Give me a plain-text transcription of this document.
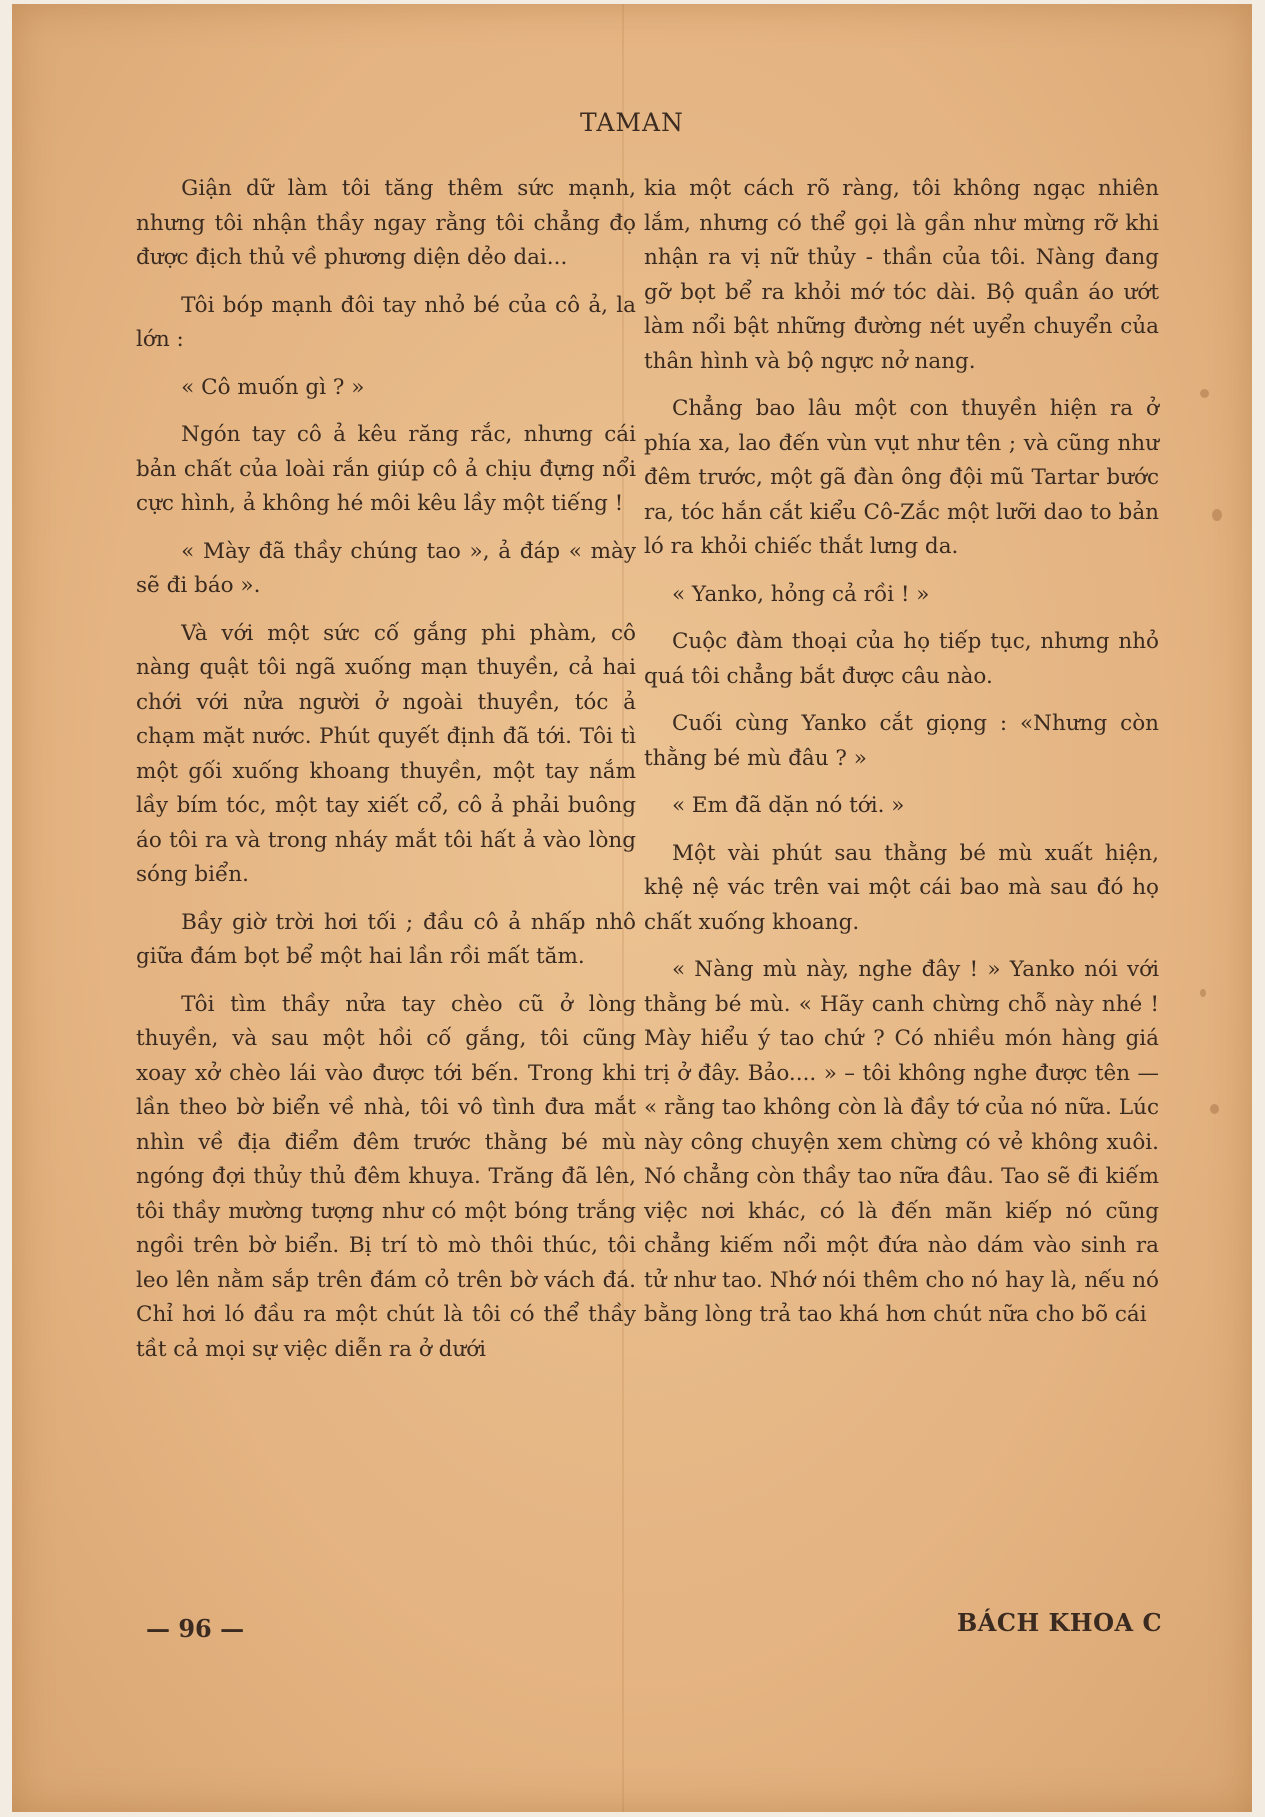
TAMAN

Giận dữ làm tôi tăng thêm sức mạnh, nhưng tôi nhận thầy ngay rằng tôi chẳng đọ được địch thủ về phương diện dẻo dai...

Tôi bóp mạnh đôi tay nhỏ bé của cô ả, la lớn :

« Cô muốn gì ? »

Ngón tay cô ả kêu răng rắc, nhưng cái bản chất của loài rắn giúp cô ả chịu đựng nổi cực hình, ả không hé môi kêu lầy một tiếng !

« Mày đã thầy chúng tao », ả đáp « mày sẽ đi báo ».

Và với một sức cố gắng phi phàm, cô nàng quật tôi ngã xuống mạn thuyền, cả hai chới với nửa người ở ngoài thuyền, tóc ả chạm mặt nước. Phút quyết định đã tới. Tôi tì một gối xuống khoang thuyền, một tay nắm lầy bím tóc, một tay xiết cổ, cô ả phải buông áo tôi ra và trong nháy mắt tôi hất ả vào lòng sóng biển.

Bầy giờ trời hơi tối ; đầu cô ả nhấp nhô giữa đám bọt bể một hai lần rồi mất tăm.

Tôi tìm thầy nửa tay chèo cũ ở lòng thuyền, và sau một hồi cố gắng, tôi cũng xoay xở chèo lái vào được tới bến. Trong khi lần theo bờ biển về nhà, tôi vô tình đưa mắt nhìn về địa điểm đêm trước thằng bé mù ngóng đợi thủy thủ đêm khuya. Trăng đã lên, tôi thầy mường tượng như có một bóng trắng ngồi trên bờ biển. Bị trí tò mò thôi thúc, tôi leo lên nằm sắp trên đám cỏ trên bờ vách đá. Chỉ hơi ló đầu ra một chút là tôi có thể thầy tầt cả mọi sự việc diễn ra ở dưới

kia một cách rõ ràng, tôi không ngạc nhiên lắm, nhưng có thể gọi là gần như mừng rỡ khi nhận ra vị nữ thủy - thần của tôi. Nàng đang gỡ bọt bể ra khỏi mớ tóc dài. Bộ quần áo ướt làm nổi bật những đường nét uyển chuyển của thân hình và bộ ngực nở nang.

Chẳng bao lâu một con thuyền hiện ra ở phía xa, lao đến vùn vụt như tên ; và cũng như đêm trước, một gã đàn ông đội mũ Tartar bước ra, tóc hắn cắt kiểu Cô-Zắc một lưỡi dao to bản ló ra khỏi chiếc thắt lưng da.

« Yanko, hỏng cả rồi ! »

Cuộc đàm thoại của họ tiếp tục, nhưng nhỏ quá tôi chẳng bắt được câu nào.

Cuối cùng Yanko cắt giọng : «Nhưng còn thằng bé mù đâu ? »

« Em đã dặn nó tới. »

Một vài phút sau thằng bé mù xuất hiện, khệ nệ vác trên vai một cái bao mà sau đó họ chất xuống khoang.

« Nàng mù này, nghe đây ! » Yanko nói với thằng bé mù. « Hãy canh chừng chỗ này nhé ! Mày hiểu ý tao chứ ? Có nhiều món hàng giá trị ở đây. Bảo.... » – tôi không nghe được tên — « rằng tao không còn là đầy tớ của nó nữa. Lúc này công chuyện xem chừng có vẻ không xuôi. Nó chẳng còn thầy tao nữa đâu. Tao sẽ đi kiếm việc nơi khác, có là đến mãn kiếp nó cũng chẳng kiếm nổi một đứa nào dám vào sinh ra tử như tao. Nhớ nói thêm cho nó hay là, nếu nó bằng lòng trả tao khá hơn chút nữa cho bõ cái

— 96 —	BÁCH KHOA C
